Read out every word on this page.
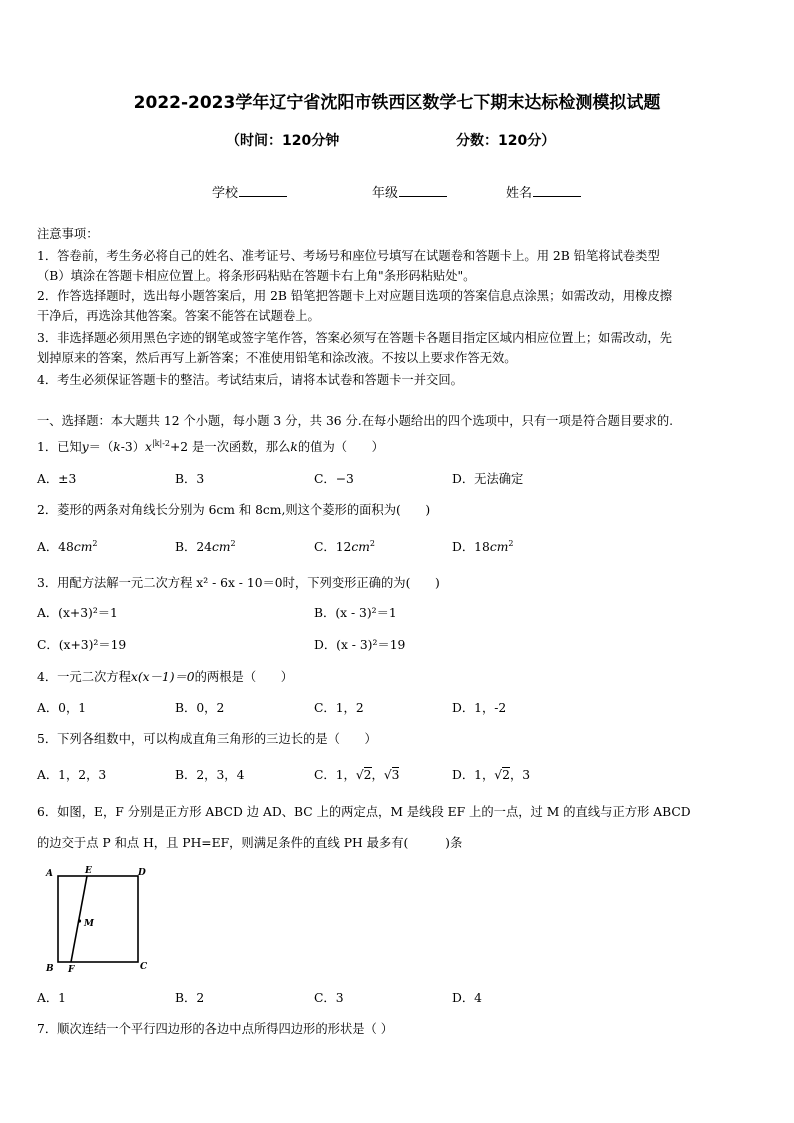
2022-2023学年辽宁省沈阳市铁西区数学七下期末达标检测模拟试题
（时间：120分钟	分数：120分）
学校	年级	姓名
注意事项：
1．答卷前，考生务必将自己的姓名、准考证号、考场号和座位号填写在试题卷和答题卡上。用 2B 铅笔将试卷类型
（B）填涂在答题卡相应位置上。将条形码粘贴在答题卡右上角"条形码粘贴处"。
2．作答选择题时，选出每小题答案后，用 2B 铅笔把答题卡上对应题目选项的答案信息点涂黑；如需改动，用橡皮擦
干净后，再选涂其他答案。答案不能答在试题卷上。
3．非选择题必须用黑色字迹的钢笔或签字笔作答，答案必须写在答题卡各题目指定区域内相应位置上；如需改动，先
划掉原来的答案，然后再写上新答案；不准使用铅笔和涂改液。不按以上要求作答无效。
4．考生必须保证答题卡的整洁。考试结束后，请将本试卷和答题卡一并交回。
一、选择题：本大题共 12 个小题，每小题 3 分，共 36 分.在每小题给出的四个选项中，只有一项是符合题目要求的.
1．已知$y=(k-3)x^{|k|-2}+2$ 是一次函数，那么k的值为（　　）
A．±3	B．3	C．−3	D．无法确定
2．菱形的两条对角线长分别为 6cm 和 8cm,则这个菱形的面积为(　　)
A．$48cm^2$	B．$24cm^2$	C．$12cm^2$	D．$18cm^2$
3．用配方法解一元二次方程 x² - 6x - 10＝0时，下列变形正确的为(　　)
A．(x+3)²＝1	B．(x - 3)²＝1
C．(x+3)²＝19	D．(x - 3)²＝19
4．一元二次方程x(x－1)＝0的两根是（　　）
A．0，1	B．0，2	C．1，2	D．1，-2
5．下列各组数中，可以构成直角三角形的三边长的是（　　）
A．1，2，3	B．2，3，4	C．1，√2，√3	D．1，√2，3
6．如图，E，F 分别是正方形 ABCD 边 AD、BC 上的两定点，M 是线段 EF 上的一点，过 M 的直线与正方形 ABCD
的边交于点 P 和点 H，且 PH=EF，则满足条件的直线 PH 最多有(　　　)条
A	E	D
M
B F	C
A．1	B．2	C．3	D．4
7．顺次连结一个平行四边形的各边中点所得四边形的形状是（ ）
